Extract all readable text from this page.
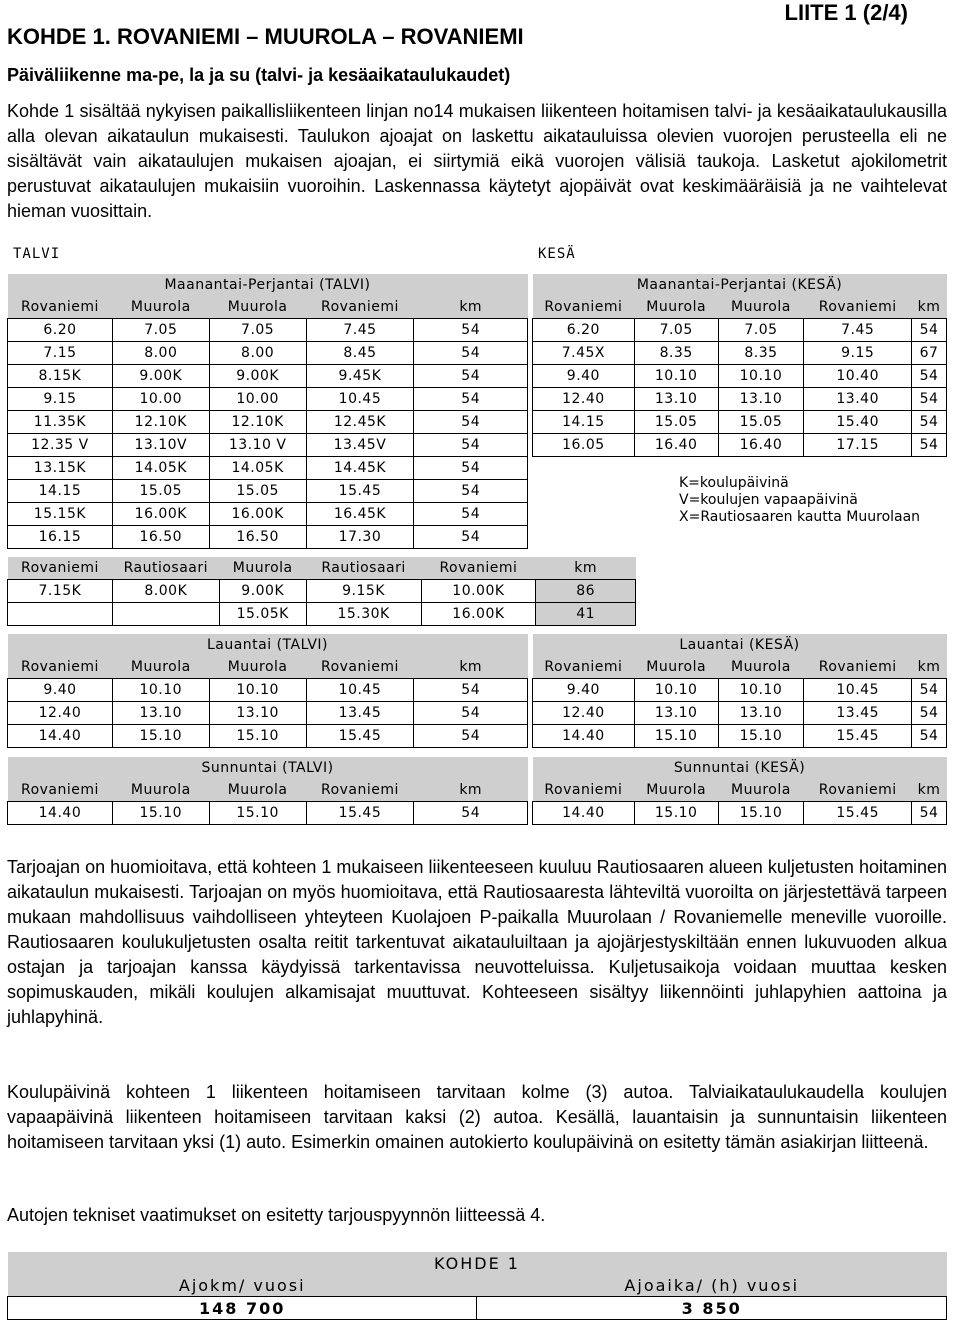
KOHDE 1. ROVANIEMI – MUUROLA – ROVANIEMI
LIITE 1 (2/4)
Päiväliikenne ma-pe, la ja su (talvi- ja kesäaikataulukaudet)
Kohde 1 sisältää nykyisen paikallisliikenteen linjan no14 mukaisen liikenteen hoitamisen talvi- ja kesäaikataulukausilla alla olevan aikataulun mukaisesti. Taulukon ajoajat on laskettu aikatauluissa olevien vuorojen perusteella eli ne sisältävät vain aikataulujen mukaisen ajoajan, ei siirtymiä eikä vuorojen välisiä taukoja. Lasketut ajokilometrit perustuvat aikataulujen mukaisiin vuoroihin. Laskennassa käytetyt ajopäivät ovat keskimääräisiä ja ne vaihtelevat hieman vuosittain.
TALVI	KESÄ
Maanantai-Perjantai (TALVI)				
Rovaniemi	Muurola	Muurola	Rovaniemi	km
6.20	7.05	7.05	7.45	54
7.15	8.00	8.00	8.45	54
8.15K	9.00K	9.00K	9.45K	54
9.15	10.00	10.00	10.45	54
11.35K	12.10K	12.10K	12.45K	54
12.35 V	13.10V	13.10 V	13.45V	54
13.15K	14.05K	14.05K	14.45K	54
14.15	15.05	15.05	15.45	54
15.15K	16.00K	16.00K	16.45K	54
16.15	16.50	16.50	17.30	54
Maanantai-Perjantai (KESÄ)				
Rovaniemi	Muurola	Muurola	Rovaniemi	km
6.20	7.05	7.05	7.45	54
7.45X	8.35	8.35	9.15	67
9.40	10.10	10.10	10.40	54
12.40	13.10	13.10	13.40	54
14.15	15.05	15.05	15.40	54
16.05	16.40	16.40	17.15	54
K=koulupäivinä
V=koulujen vapaapäivinä
X=Rautiosaaren kautta Muurolaan
Rovaniemi	Rautiosaari	Muurola	Rautiosaari	Rovaniemi	km
7.15K	8.00K	9.00K	9.15K	10.00K	86
		15.05K	15.30K	16.00K	41
Lauantai (TALVI)				
Rovaniemi	Muurola	Muurola	Rovaniemi	km
9.40	10.10	10.10	10.45	54
12.40	13.10	13.10	13.45	54
14.40	15.10	15.10	15.45	54
Lauantai (KESÄ)				
Rovaniemi	Muurola	Muurola	Rovaniemi	km
9.40	10.10	10.10	10.45	54
12.40	13.10	13.10	13.45	54
14.40	15.10	15.10	15.45	54
Sunnuntai (TALVI)				
Rovaniemi	Muurola	Muurola	Rovaniemi	km
14.40	15.10	15.10	15.45	54
Sunnuntai (KESÄ)				
Rovaniemi	Muurola	Muurola	Rovaniemi	km
14.40	15.10	15.10	15.45	54
Tarjoajan on huomioitava, että kohteen 1 mukaiseen liikenteeseen kuuluu Rautiosaaren alueen kuljetusten hoitaminen aikataulun mukaisesti. Tarjoajan on myös huomioitava, että Rautiosaaresta lähteviltä vuoroilta on järjestettävä tarpeen mukaan mahdollisuus vaihdolliseen yhteyteen Kuolajoen P-paikalla Muurolaan / Rovaniemelle meneville vuoroille. Rautiosaaren koulukuljetusten osalta reitit tarkentuvat aikatauluiltaan ja ajojärjestyskiltään ennen lukuvuoden alkua ostajan ja tarjoajan kanssa käydyissä tarkentavissa neuvotteluissa. Kuljetusaikoja voidaan muuttaa kesken sopimuskauden, mikäli koulujen alkamisajat muuttuvat. Kohteeseen sisältyy liikennöinti juhlapyhien aattoina ja juhlapyhinä.
Koulupäivinä kohteen 1 liikenteen hoitamiseen tarvitaan kolme (3) autoa. Talviaikataulukaudella koulujen vapaapäivinä liikenteen hoitamiseen tarvitaan kaksi (2) autoa. Kesällä, lauantaisin ja sunnuntaisin liikenteen hoitamiseen tarvitaan yksi (1) auto. Esimerkin omainen autokierto koulupäivinä on esitetty tämän asiakirjan liitteenä.
Autojen tekniset vaatimukset on esitetty tarjouspyynnön liitteessä 4.
KOHDE 1	
Ajokm/ vuosi	Ajoaika/ (h) vuosi
148 700	3 850
